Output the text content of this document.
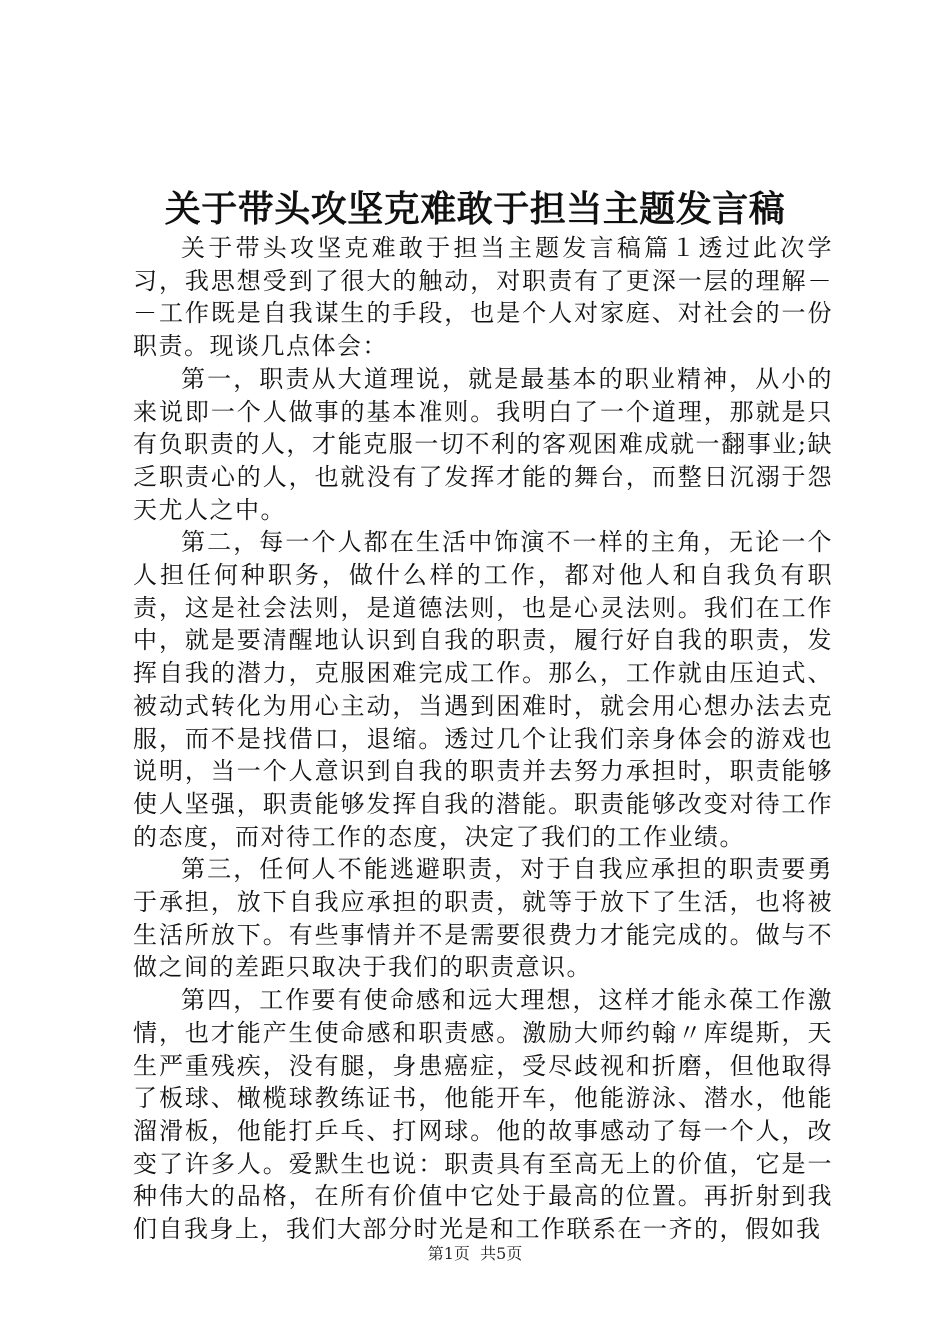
关于带头攻坚克难敢于担当主题发言稿

关于带头攻坚克难敢于担当主题发言稿篇１透过此次学习，我思想受到了很大的触动，对职责有了更深一层的理解－－工作既是自我谋生的手段，也是个人对家庭、对社会的一份职责。现谈几点体会：

第一，职责从大道理说，就是最基本的职业精神，从小的来说即一个人做事的基本准则。我明白了一个道理，那就是只有负职责的人，才能克服一切不利的客观困难成就一翻事业;缺乏职责心的人，也就没有了发挥才能的舞台，而整日沉溺于怨天尤人之中。

第二，每一个人都在生活中饰演不一样的主角，无论一个人担任何种职务，做什么样的工作，都对他人和自我负有职责，这是社会法则，是道德法则，也是心灵法则。我们在工作中，就是要清醒地认识到自我的职责，履行好自我的职责，发挥自我的潜力，克服困难完成工作。那么，工作就由压迫式、被动式转化为用心主动，当遇到困难时，就会用心想办法去克服，而不是找借口，退缩。透过几个让我们亲身体会的游戏也说明，当一个人意识到自我的职责并去努力承担时，职责能够使人坚强，职责能够发挥自我的潜能。职责能够改变对待工作的态度，而对待工作的态度，决定了我们的工作业绩。

第三，任何人不能逃避职责，对于自我应承担的职责要勇于承担，放下自我应承担的职责，就等于放下了生活，也将被生活所放下。有些事情并不是需要很费力才能完成的。做与不做之间的差距只取决于我们的职责意识。

第四，工作要有使命感和远大理想，这样才能永葆工作激情，也才能产生使命感和职责感。激励大师约翰〃库缇斯，天生严重残疾，没有腿，身患癌症，受尽歧视和折磨，但他取得了板球、橄榄球教练证书，他能开车，他能游泳、潜水，他能溜滑板，他能打乒乓、打网球。他的故事感动了每一个人，改变了许多人。爱默生也说：职责具有至高无上的价值，它是一种伟大的品格，在所有价值中它处于最高的位置。再折射到我们自我身上，我们大部分时光是和工作联系在一齐的，假如我

第1页 共5页
